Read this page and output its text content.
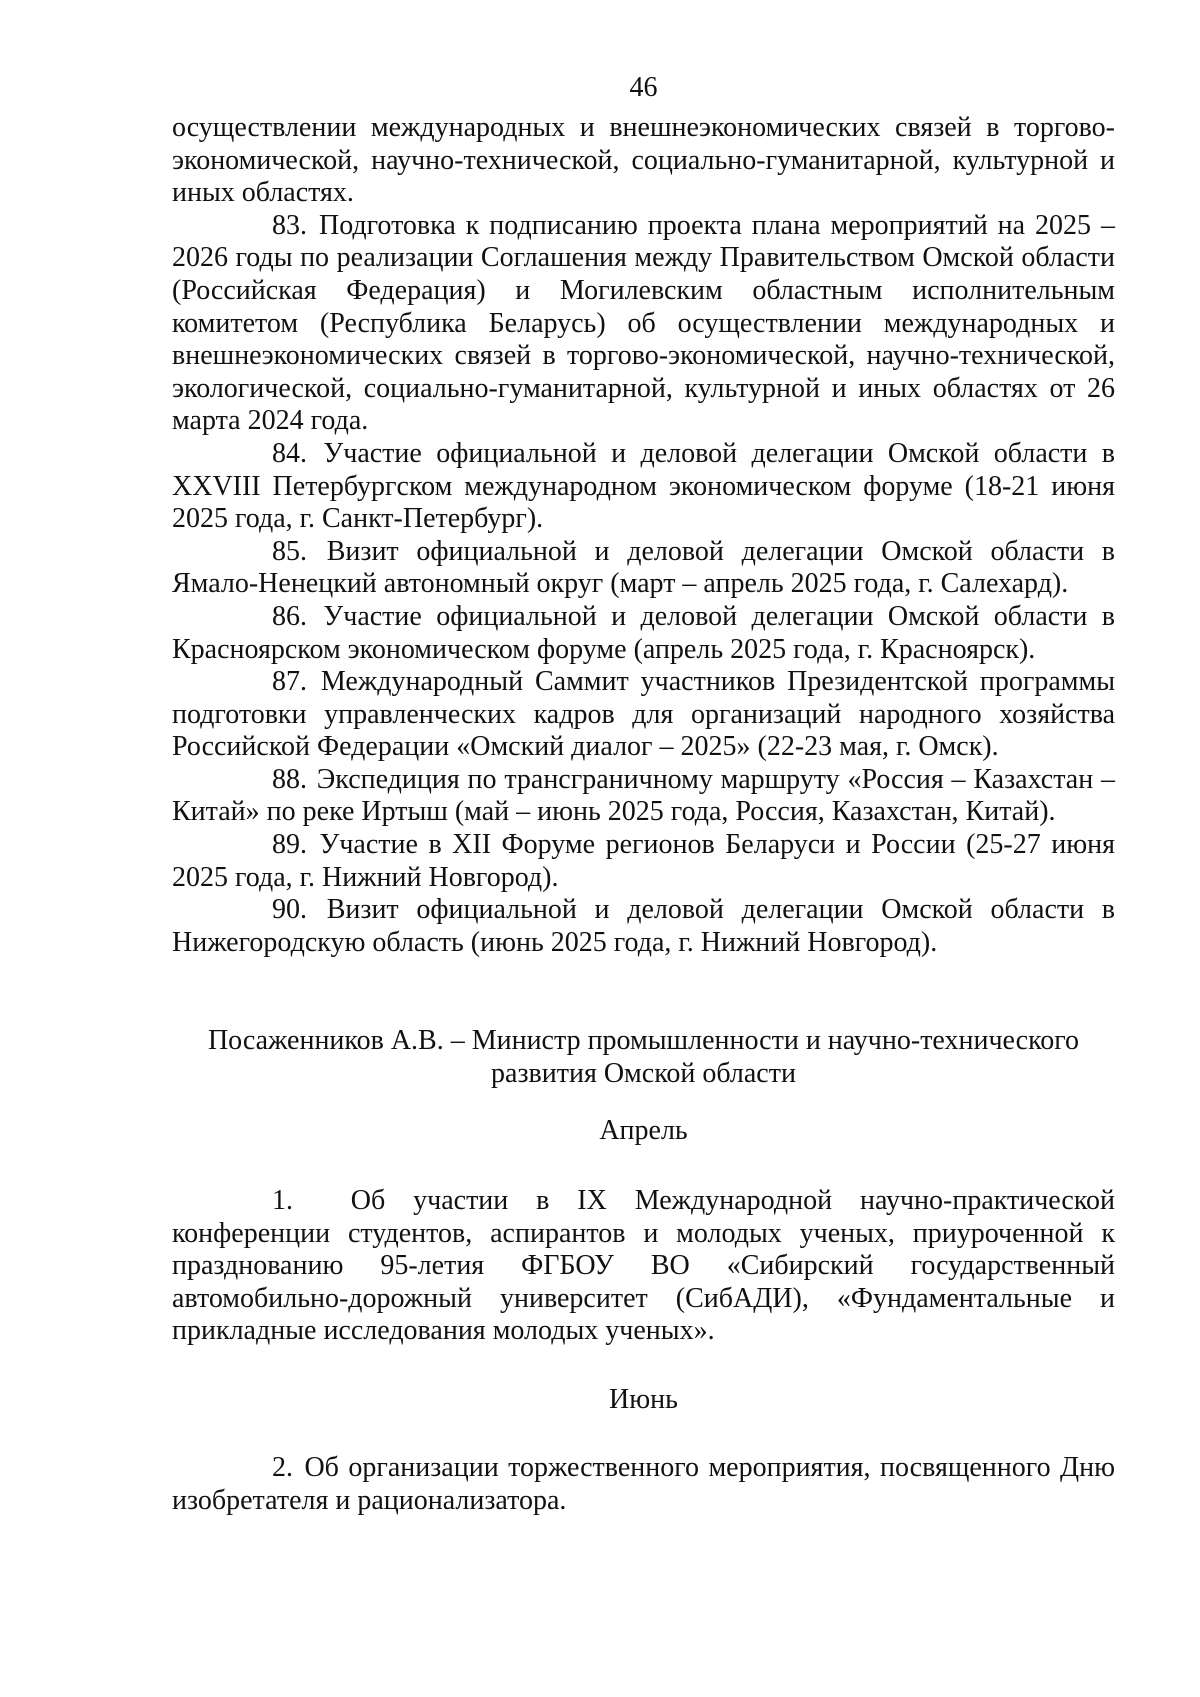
46

осуществлении международных и внешнеэкономических связей в торгово-экономической, научно-технической, социально-гуманитарной, культурной и иных областях.

83. Подготовка к подписанию проекта плана мероприятий на 2025 – 2026 годы по реализации Соглашения между Правительством Омской области (Российская Федерация) и Могилевским областным исполнительным комитетом (Республика Беларусь) об осуществлении международных и внешнеэкономических связей в торгово-экономической, научно-технической, экологической, социально-гуманитарной, культурной и иных областях от 26 марта 2024 года.

84. Участие официальной и деловой делегации Омской области в XXVIII Петербургском международном экономическом форуме (18-21 июня 2025 года, г. Санкт-Петербург).

85. Визит официальной и деловой делегации Омской области в Ямало-Ненецкий автономный округ (март – апрель 2025 года, г. Салехард).

86. Участие официальной и деловой делегации Омской области в Красноярском экономическом форуме (апрель 2025 года, г. Красноярск).

87. Международный Саммит участников Президентской программы подготовки управленческих кадров для организаций народного хозяйства Российской Федерации «Омский диалог – 2025» (22-23 мая, г. Омск).

88. Экспедиция по трансграничному маршруту «Россия – Казахстан – Китай» по реке Иртыш (май – июнь 2025 года, Россия, Казахстан, Китай).

89. Участие в XII Форуме регионов Беларуси и России (25-27 июня 2025 года, г. Нижний Новгород).

90. Визит официальной и деловой делегации Омской области в Нижегородскую область (июнь 2025 года, г. Нижний Новгород).

Посаженников А.В. – Министр промышленности и научно-технического

развития Омской области

Апрель

1. Об участии в IX Международной научно-практической конференции студентов, аспирантов и молодых ученых, приуроченной к празднованию 95-летия ФГБОУ ВО «Сибирский государственный автомобильно-дорожный университет (СибАДИ), «Фундаментальные и прикладные исследования молодых ученых».

Июнь

2. Об организации торжественного мероприятия, посвященного Дню изобретателя и рационализатора.
